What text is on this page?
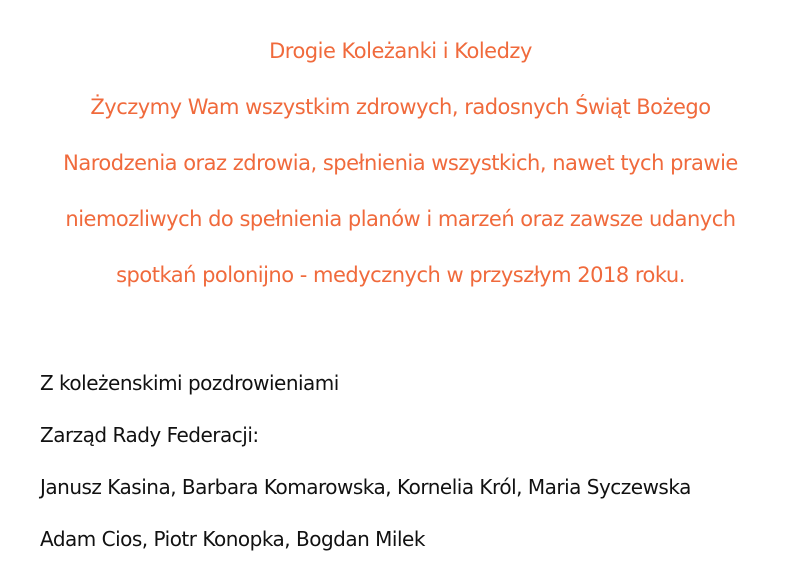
Drogie Koleżanki i Koledzy
Życzymy Wam wszystkim zdrowych, radosnych Świąt Bożego
Narodzenia oraz zdrowia, spełnienia wszystkich, nawet tych prawie
niemozliwych do spełnienia planów i marzeń oraz zawsze udanych
spotkań polonijno - medycznych w przyszłym 2018 roku.
Z koleżenskimi pozdrowieniami
Zarząd Rady Federacji:
Janusz Kasina, Barbara Komarowska, Kornelia Król, Maria Syczewska
Adam Cios, Piotr Konopka, Bogdan Milek
